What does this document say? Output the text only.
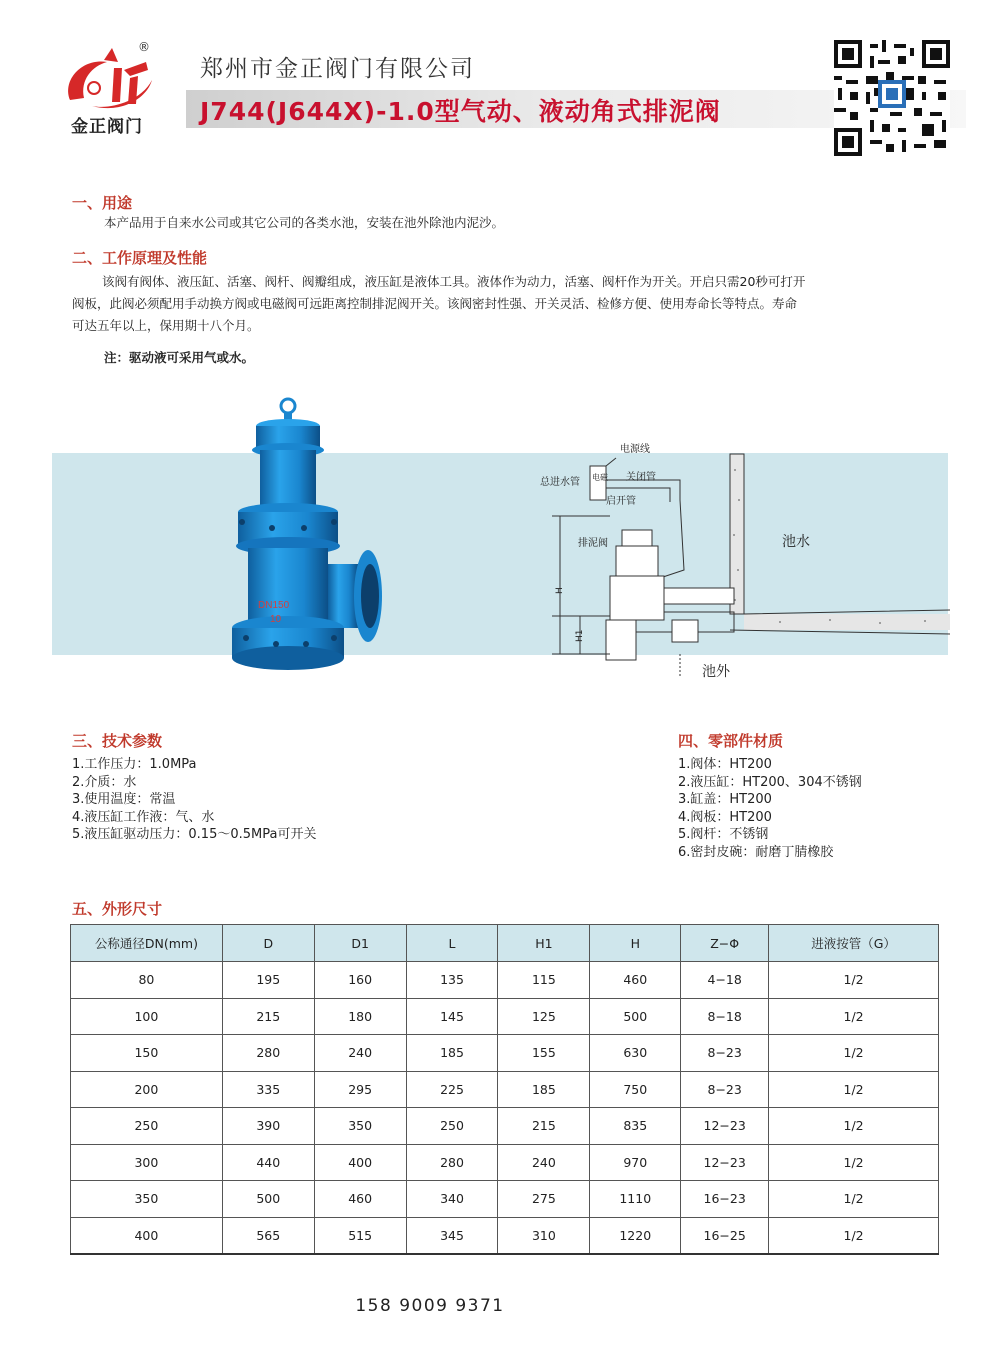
®
金正阀门
郑州市金正阀门有限公司
J744(J644X)-1.0型气动、液动角式排泥阀
一、用途
本产品用于自来水公司或其它公司的各类水池，安装在池外除池内泥沙。
二、工作原理及性能
该阀有阀体、液压缸、活塞、阀杆、阀瓣组成，液压缸是液体工具。液体作为动力，活塞、阀杆作为开关。开启只需20秒可打开
阀板，此阀必须配用手动换方阀或电磁阀可远距离控制排泥阀开关。该阀密封性强、开关灵活、检修方便、使用寿命长等特点。寿命
可达五年以上，保用期十八个月。
注：驱动液可采用气或水。
DN150
10
电源线
总进水管 电磁 关闭管
启开管
排泥阀	池水
池外
H
H1
三、技术参数
1.工作压力：1.0MPa
2.介质：水
3.使用温度：常温
4.液压缸工作液：气、水
5.液压缸驱动压力：0.15～0.5MPa可开关
四、零部件材质
1.阀体：HT200
2.液压缸：HT200、304不锈钢
3.缸盖：HT200
4.阀板：HT200
5.阀杆：不锈钢
6.密封皮碗：耐磨丁腈橡胶
五、外形尺寸
公称通径DN(mm)	D	D1	L	H1	H	Z−Φ	进液按管（G）
80	195	160	135	115	460	4−18	1/2
100	215	180	145	125	500	8−18	1/2
150	280	240	185	155	630	8−23	1/2
200	335	295	225	185	750	8−23	1/2
250	390	350	250	215	835	12−23	1/2
300	440	400	280	240	970	12−23	1/2
350	500	460	340	275	1110	16−23	1/2
400	565	515	345	310	1220	16−25	1/2
158 9009 9371
